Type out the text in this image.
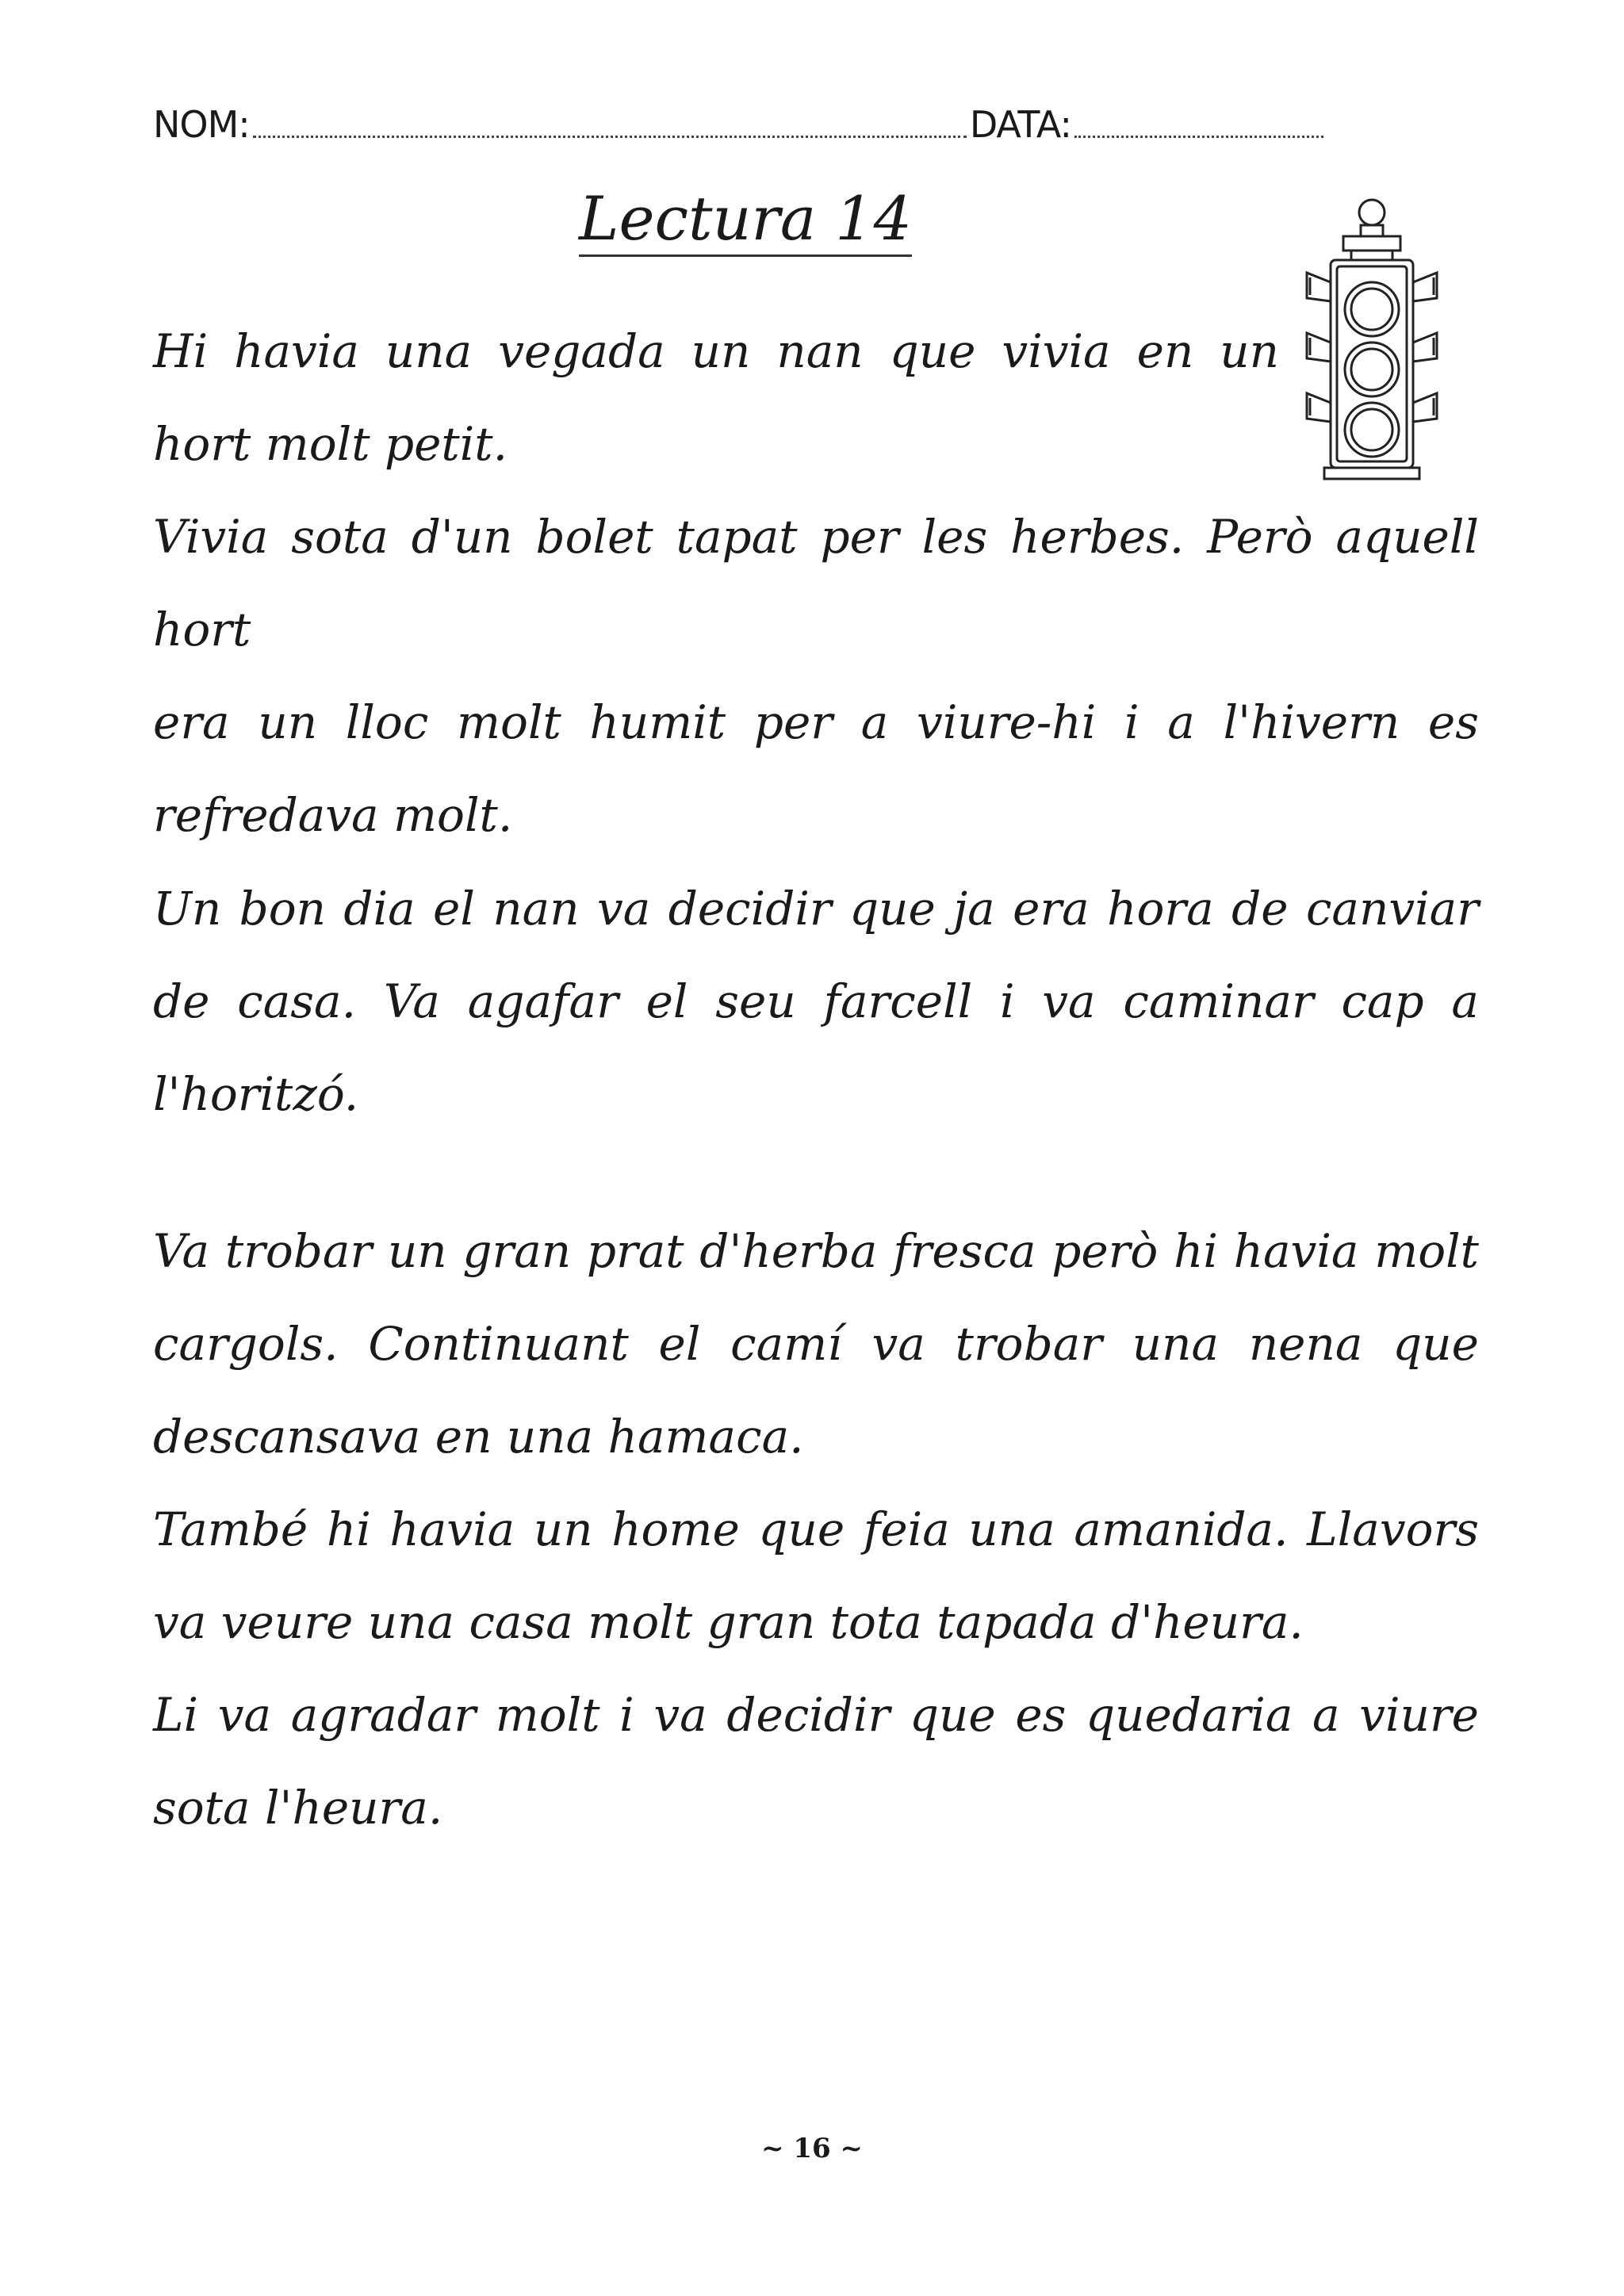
NOM:	DATA:
Lectura 14
Hi havia una vegada un nan que vivia en un
hort molt petit.
Vivia sota d'un bolet tapat per les herbes. Però aquell hort
era un lloc molt humit per a viure-hi i a l'hivern es
refredava molt.
Un bon dia el nan va decidir que ja era hora de canviar
de casa. Va agafar el seu farcell i va caminar cap a
l'horitzó.
Va trobar un gran prat d'herba fresca però hi havia molt
cargols. Continuant el camí va trobar una nena que
descansava en una hamaca.
També hi havia un home que feia una amanida. Llavors
va veure una casa molt gran tota tapada d'heura.
Li va agradar molt i va decidir que es quedaria a viure
sota l'heura.
~ 16 ~
